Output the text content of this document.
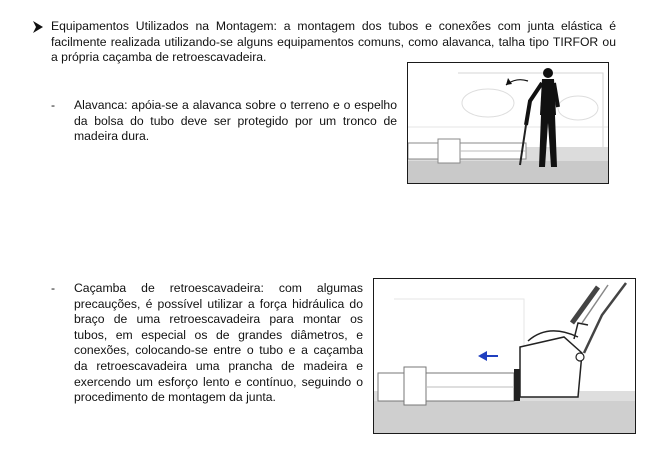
Equipamentos Utilizados na Montagem: a montagem dos tubos e conexões com junta elástica é facilmente realizada utilizando-se alguns equipamentos comuns, como alavanca, talha tipo TIRFOR ou a própria caçamba de retroescavadeira.
-	Alavanca: apóia-se a alavanca sobre o terreno e o espelho da bolsa do tubo deve ser protegido por um tronco de madeira dura.
-	Caçamba de retroescavadeira: com algumas precauções, é possível utilizar a força hidráulica do braço de uma retroescavadeira para montar os tubos, em especial os de grandes diâmetros, e conexões, colocando-se entre o tubo e a caçamba da retroescavadeira uma prancha de madeira e exercendo um esforço lento e contínuo, seguindo o procedimento de montagem da junta.
